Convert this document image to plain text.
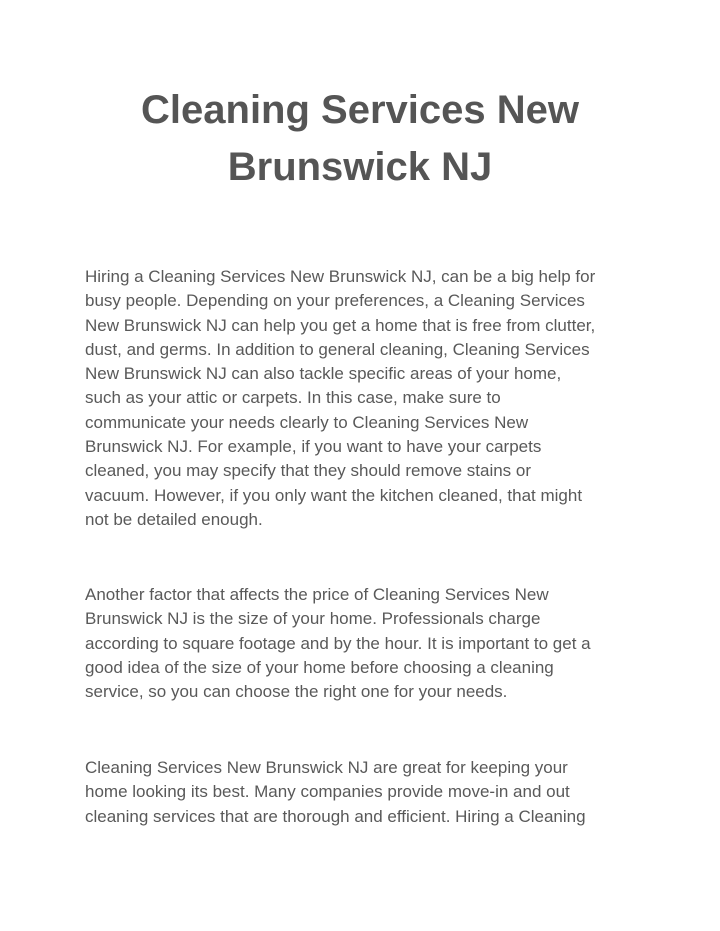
Cleaning Services New
Brunswick NJ

Hiring a Cleaning Services New Brunswick NJ, can be a big help for
busy people. Depending on your preferences, a Cleaning Services
New Brunswick NJ can help you get a home that is free from clutter,
dust, and germs. In addition to general cleaning, Cleaning Services
New Brunswick NJ can also tackle specific areas of your home,
such as your attic or carpets. In this case, make sure to
communicate your needs clearly to Cleaning Services New
Brunswick NJ. For example, if you want to have your carpets
cleaned, you may specify that they should remove stains or
vacuum. However, if you only want the kitchen cleaned, that might
not be detailed enough.

Another factor that affects the price of Cleaning Services New
Brunswick NJ is the size of your home. Professionals charge
according to square footage and by the hour. It is important to get a
good idea of the size of your home before choosing a cleaning
service, so you can choose the right one for your needs.

Cleaning Services New Brunswick NJ are great for keeping your
home looking its best. Many companies provide move-in and out
cleaning services that are thorough and efficient. Hiring a Cleaning
